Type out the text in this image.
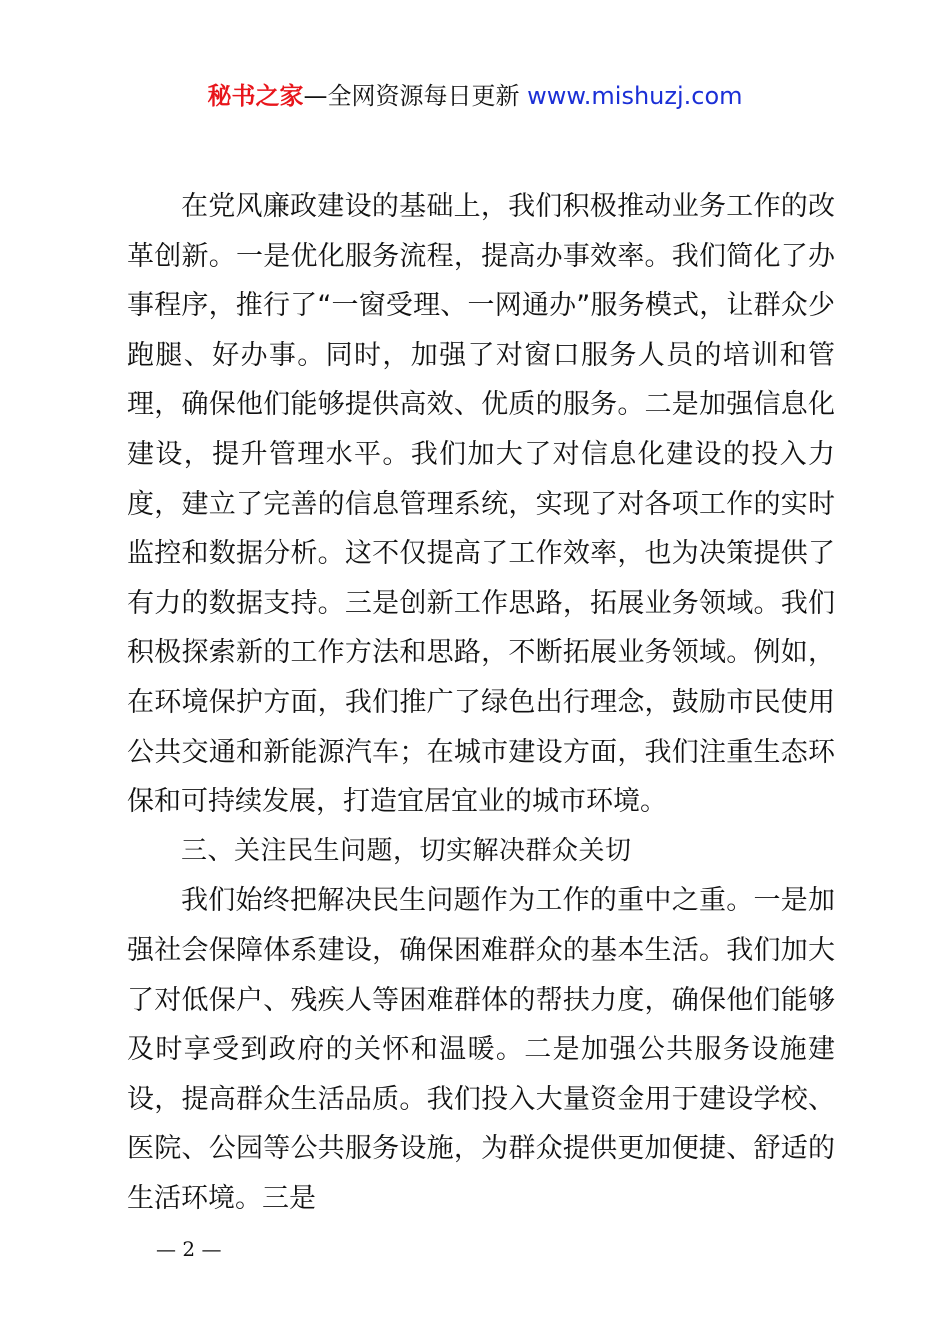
秘书之家—全网资源每日更新 www.mishuzj.com

在党风廉政建设的基础上，我们积极推动业务工作的改革创新。一是优化服务流程，提高办事效率。我们简化了办事程序，推行了“一窗受理、一网通办”服务模式，让群众少跑腿、好办事。同时，加强了对窗口服务人员的培训和管理，确保他们能够提供高效、优质的服务。二是加强信息化建设，提升管理水平。我们加大了对信息化建设的投入力度，建立了完善的信息管理系统，实现了对各项工作的实时监控和数据分析。这不仅提高了工作效率，也为决策提供了有力的数据支持。三是创新工作思路，拓展业务领域。我们积极探索新的工作方法和思路，不断拓展业务领域。例如，在环境保护方面，我们推广了绿色出行理念，鼓励市民使用公共交通和新能源汽车；在城市建设方面，我们注重生态环保和可持续发展，打造宜居宜业的城市环境。

三、关注民生问题，切实解决群众关切

我们始终把解决民生问题作为工作的重中之重。一是加强社会保障体系建设，确保困难群众的基本生活。我们加大了对低保户、残疾人等困难群体的帮扶力度，确保他们能够及时享受到政府的关怀和温暖。二是加强公共服务设施建设，提高群众生活品质。我们投入大量资金用于建设学校、医院、公园等公共服务设施，为群众提供更加便捷、舒适的生活环境。三是

— 2 —
